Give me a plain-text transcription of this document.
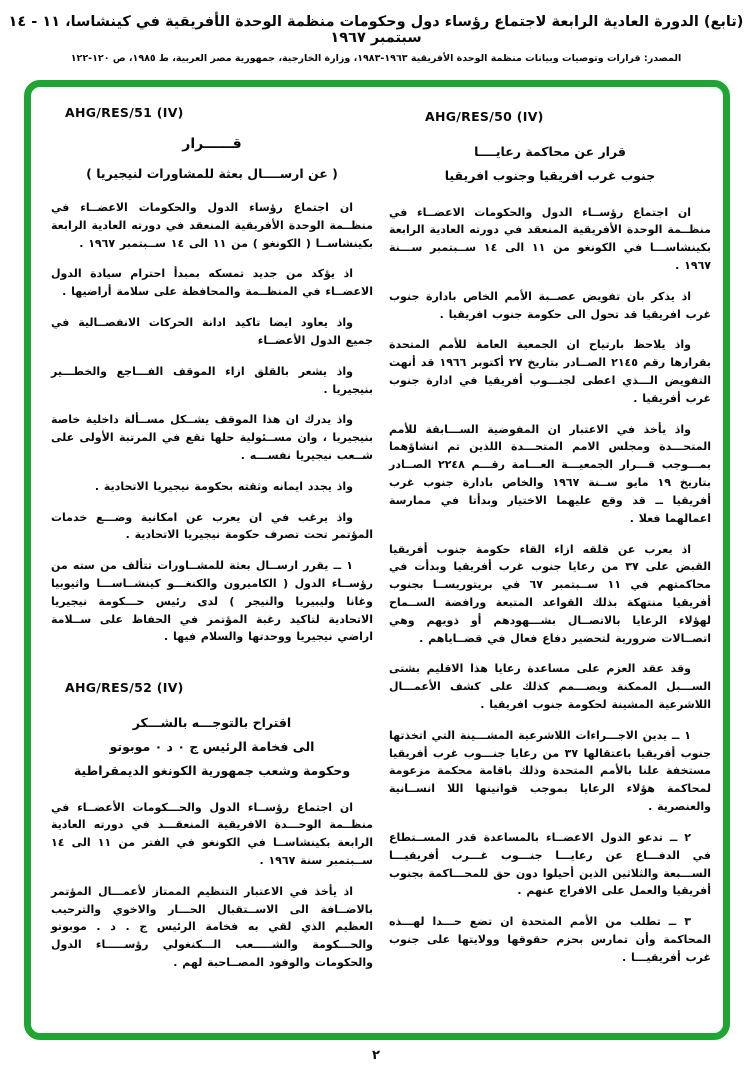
(تابع) الدورة العادية الرابعة لاجتماع رؤساء دول وحكومات منظمة الوحدة الأفريقية في كينشاسا، ١١ - ١٤ سبتمبر ١٩٦٧
المصدر: قرارات وتوصيات وبيانات منظمة الوحدة الأفريقية ١٩٦٣-١٩٨٣، وزارة الخارجية، جمهورية مصر العربية، ط ١٩٨٥، ص ١٢٠-١٢٢
AHG/RES/51 (IV)
قــــــرار
( عن ارســــال بعثة للمشاورات لنيجيريا )

ان اجتماع رؤساء الدول والحكومات الاعضــاء في منظــمة الوحدة الأفريقية المنعقد في دورته العادية الرابعة بكينشاســا ( الكونغو ) من ١١ الى ١٤ ســبتمبر ١٩٦٧ .

اذ يؤكد من جديد تمسكه بمبدأ احترام سيادة الدول الاعضــاء في المنظــمة والمحافظة على سلامة أراضيها .

واذ يعاود ايضا تاكيد ادانة الحركات الانفصــالية في جميع الدول الأعضــاء

واذ يشعر بالقلق ازاء الموقف الفـــاجع والخطـــير بنيجيريا .

واذ يدرك ان هذا الموقف يشــكل مســألة داخلية خاصة بنيجيريا ، وان مســئولية حلها تقع في المرتبة الأولى على شــعب نيجيريا نفســـه .

واذ يجدد ايمانه وثقته بحكومة نيجيريا الاتحادية .

واذ يرغب في ان يعرب عن امكانية وضـــع خدمات المؤتمر تحت تصرف حكومة نيجيريا الاتحادية .

١ ــ يقرر ارســال بعثة للمشــاورات تتألف من سته من رؤســاء الدول ( الكاميرون والكنغـــو كينشــاســـا واثيوبيا وغانا وليبيريا والنيجر ) لدى رئيس حـــكومة نيجيريا الاتحادية لتاكيد رغبة المؤتمر في الحفاظ على ســلامة اراضي نيجيريا ووحدتها والسلام فيها .

AHG/RES/52 (IV)

اقتراح بالتوجـــه بالشـــكر

الى فخامة الرئيس ج ٠ د ٠ موبوتو

وحكومة وشعب جمهورية الكونغو الديمقراطية

ان اجتماع رؤســاء الدول والحـــكومات الأعضــاء في منظــمة الوحـــدة الافريقية المنعقـــد في دورته العادية الرابعة بكينشاســا في الكونغو في الفتر من ١١ الى ١٤ ســبتمبر سنة ١٩٦٧ .

اذ يأخذ في الاعتبار التنظيم الممتاز لأعمـــال المؤتمر بالاضــافة الى الاســتقبال الحـــار والاخوي والترحيب العظيم الذي لقي به فخامة الرئيس ج . د . موبوتو والحـــكومة والشـــــعب الـــكنغولي رؤســـــاء الدول والحكومات والوفود المصــاحبة لهم .

AHG/RES/50 (IV)

قرار عن محاكمة رعايــــا

جنوب غرب افريقيا وجنوب افريقيا

ان اجتماع رؤســاء الدول والحكومات الاعضــاء في منظــمة الوحدة الأفريقية المنعقد في دورته العادية الرابعة بكينشاســـا في الكونغو من ١١ الى ١٤ ســبتمبر ســـنة ١٩٦٧ .

اذ يذكر بان تفويض عصــبة الأمم الخاص بادارة جنوب غرب افريقيا قد تحول الى حكومة جنوب افريقيا .

واذ يلاحظ بارتياح ان الجمعية العامة للأمم المتحدة بقرارها رقم ٢١٤٥ الصــادر بتاريخ ٢٧ أكتوبر ١٩٦٦ قد أنهت التفويض الـــذي اعطى لجنـــوب أفريقيا في ادارة جنوب غرب أفريقيا .

واذ يأخذ في الاعتبار ان المفوضية الســـابقة للأمم المتحـــدة ومجلس الامم المتحـــدة اللذين تم انشاؤهما بمـــوجب قـــرار الجمعيـــة العـــامة رقـــم ٢٢٤٨ الصــادر بتاريخ ١٩ مايو ســنة ١٩٦٧ والخاص بادارة جنوب غرب أفريقيا ــ قد وقع عليهما الاختيار وبدأتا في ممارسة اعمالهما فعلا .

اذ يعرب عن قلقه ازاء القاء حكومة جنوب أفريقيا القبض على ٣٧ من رعايا جنوب غرب أفريقيا وبدأت في محاكمتهم في ١١ ســبتمبر ٦٧ في بريتوريســا بجنوب أفريقيا منتهكة بذلك القواعد المتبعة ورافضة الســماح لهؤلاء الرعايا بالاتصــال بشـــهودهم أو ذويهم وهي اتصــالات ضرورية لتحضير دفاع فعال في قضــاياهم .

وقد عقد العزم على مساعدة رعايا هذا الاقليم بشتى الســـبل الممكنة ويصـــمم كذلك على كشف الأعمـــال اللاشرعية المشينة لحكومة جنوب افريقيا .

١ ــ يدين الاجـــراءات اللاشرعية المشـــينة التي اتخذتها جنوب أفريقيا باعتقالها ٣٧ من رعايا جنـــوب غرب أفريقيا مستخفة علنا بالأمم المتحدة وذلك باقامة محكمة مزعومة لمحاكمة هؤلاء الرعايا بموجب قوانينها اللا انســانية والعنصرية .

٢ ــ تدعو الدول الاعضــاء بالمساعدة قدر المســتطاع في الدفـــاع عن رعايـــا جنـــوب غـــرب أفريقيـــا الســـبعة والثلاثين الذين أحيلوا دون حق للمحـــاكمة بجنوب أفريقيا والعمل على الافراج عنهم .

٣ ــ تطلب من الأمم المتحدة ان تضع حـــدا لهـــذه المحاكمة وأن تمارس بحزم حقوقها وولايتها على جنوب غرب أفريقيـــا .

٢
